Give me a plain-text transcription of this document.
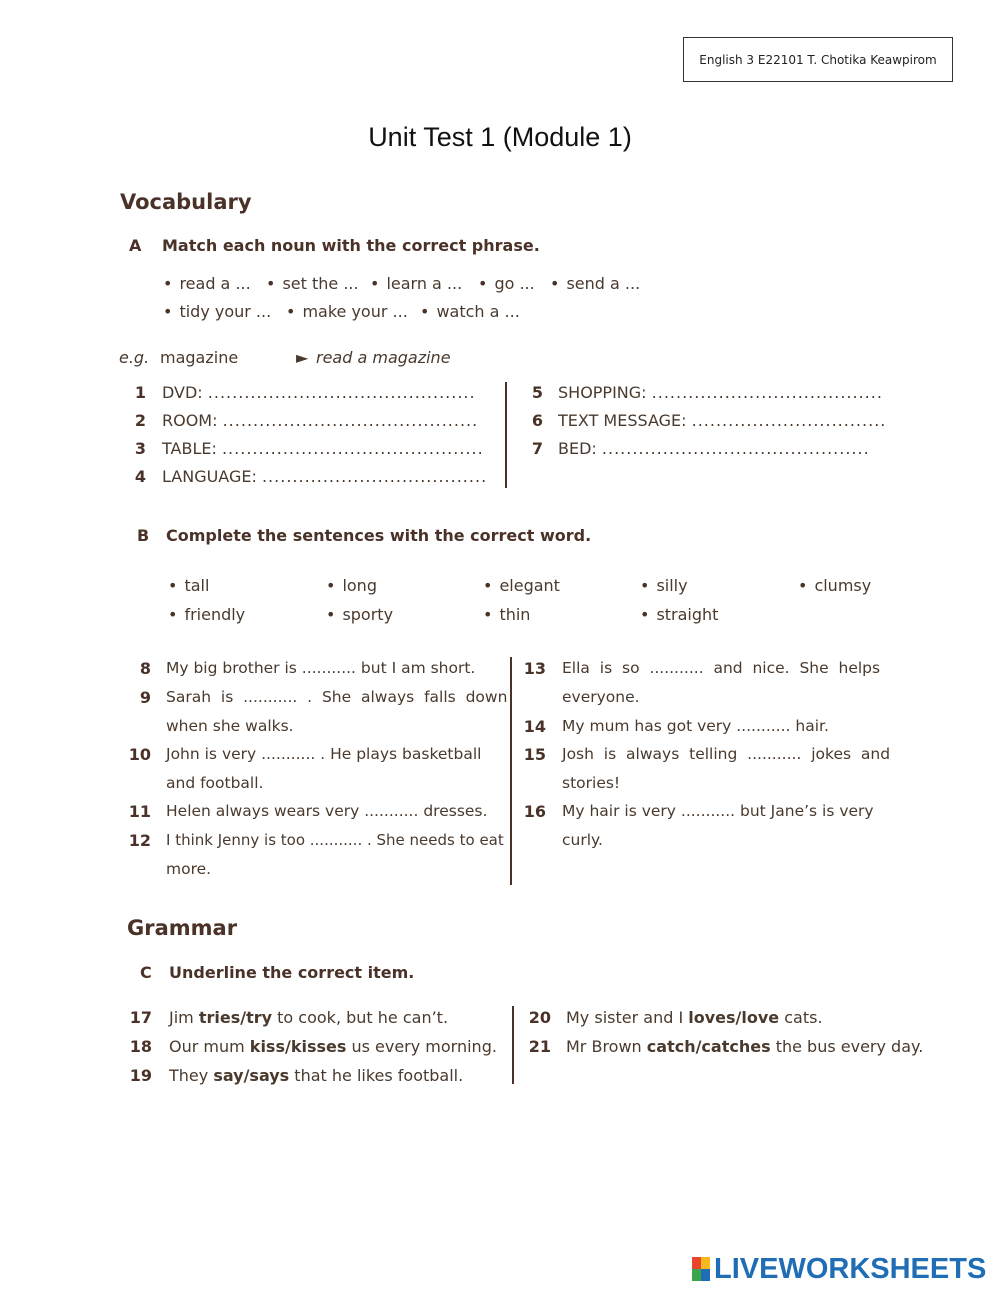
English 3 E22101 T. Chotika Keawpirom
Unit Test 1 (Module 1)
Vocabulary
A Match each noun with the correct phrase.
• read a ...	• set the ...	• learn a ...	• go ...	• send a ...
• tidy your ...	• make your ...	• watch a ...
e.g. magazine	► read a magazine
1 DVD: ............................................
2 ROOM: ..........................................
3 TABLE: ...........................................
4 LANGUAGE: .....................................
5 SHOPPING: ......................................
6 TEXT MESSAGE: ................................
7 BED: ............................................
B Complete the sentences with the correct word.
• tall	• long	• elegant	• silly	• clumsy
• friendly	• sporty	• thin	• straight
8 My big brother is ........... but I am short.
9 Sarah  is  ...........  .  She  always  falls  down
when she walks.
10 John is very ........... . He plays basketball
and football.
11 Helen always wears very ........... dresses.
12 I think Jenny is too ........... . She needs to eat
more.
13 Ella  is  so  ...........  and  nice.  She  helps
everyone.
14 My mum has got very ........... hair.
15 Josh  is  always  telling  ...........  jokes  and
stories!
16 My hair is very ........... but Jane’s is very
curly.
Grammar
C Underline the correct item.
17 Jim tries/try to cook, but he can’t.
18 Our mum kiss/kisses us every morning.
19 They say/says that he likes football.
20 My sister and I loves/love cats.
21 Mr Brown catch/catches the bus every day.
LIVEWORKSHEETS
